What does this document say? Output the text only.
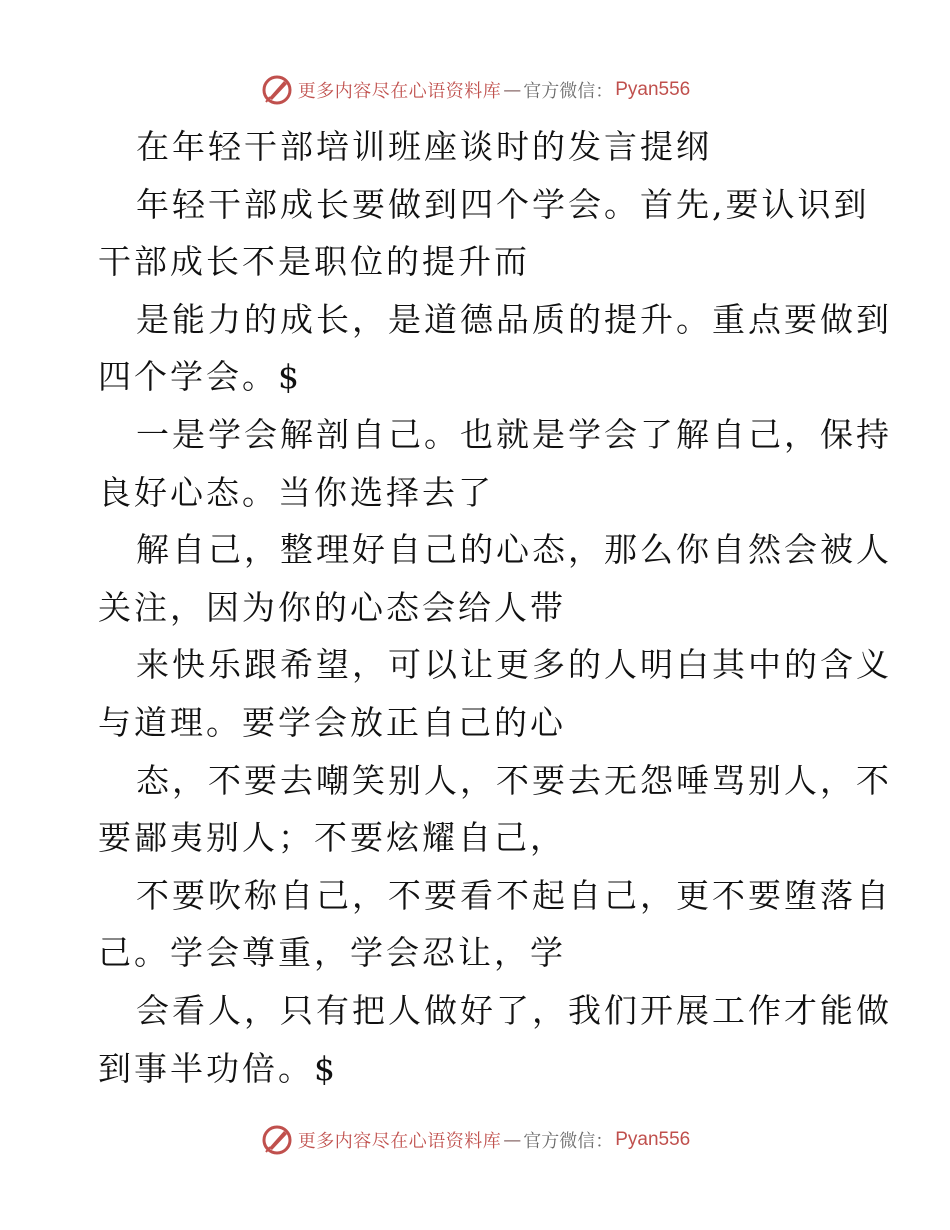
更多内容尽在心语资料库 — 官方微信： Pyan556
在年轻干部培训班座谈时的发言提纲
年轻干部成长要做到四个学会。首先,要认识到
干部成长不是职位的提升而
是能力的成长，是道德品质的提升。重点要做到
四个学会。$
一是学会解剖自己。也就是学会了解自己，保持
良好心态。当你选择去了
解自己，整理好自己的心态，那么你自然会被人
关注，因为你的心态会给人带
来快乐跟希望，可以让更多的人明白其中的含义
与道理。要学会放正自己的心
态，不要去嘲笑别人，不要去无怨唾骂别人，不
要鄙夷别人；不要炫耀自己，
不要吹称自己，不要看不起自己，更不要堕落自
己。学会尊重，学会忍让，学
会看人，只有把人做好了，我们开展工作才能做
到事半功倍。$
更多内容尽在心语资料库 — 官方微信： Pyan556
